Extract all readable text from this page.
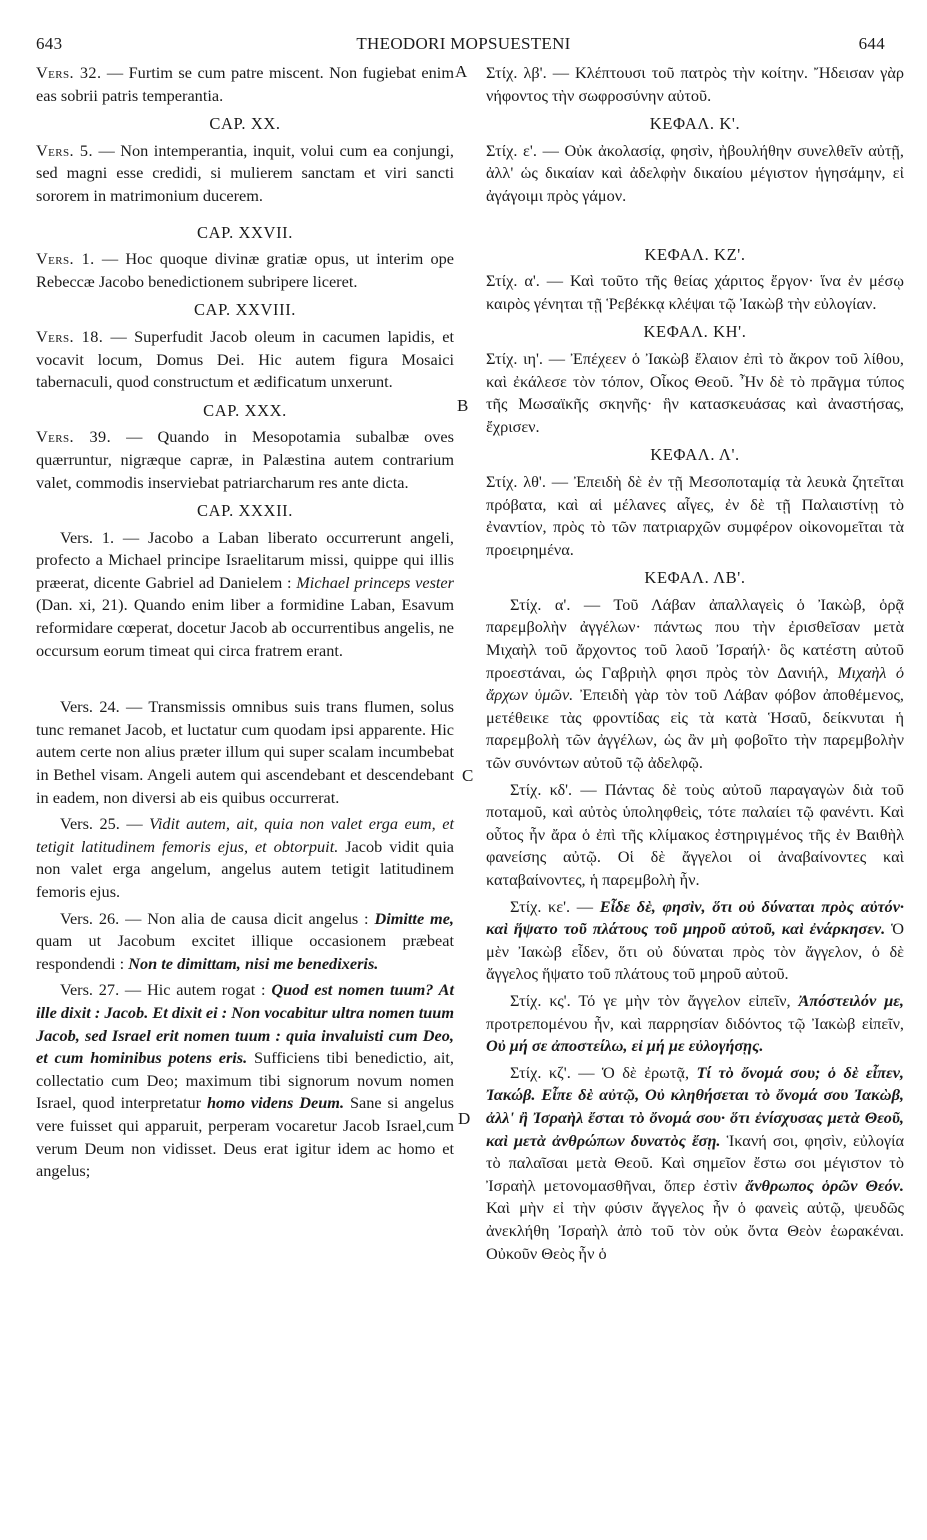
643	THEODORI MOPSUESTENI	644
A
B
C
D

Vers. 32. — Furtim se cum patre miscent. Non fugiebat enim eas sobrii patris temperantia.

CAP. XX.

Vers. 5. — Non intemperantia, inquit, volui cum ea conjungi, sed magni esse credidi, si mulierem sanctam et viri sancti sororem in matrimonium ducerem.

CAP. XXVII.

Vers. 1. — Hoc quoque divinæ gratiæ opus, ut interim ope Rebeccæ Jacobo benedictionem subripere liceret.

CAP. XXVIII.

Vers. 18. — Superfudit Jacob oleum in cacumen lapidis, et vocavit locum, Domus Dei. Hic autem figura Mosaici tabernaculi, quod constructum et ædificatum unxerunt.

CAP. XXX.

Vers. 39. — Quando in Mesopotamia subalbæ oves quærruntur, nigræque capræ, in Palæstina autem contrarium valet, commodis inserviebat patriarcharum res ante dicta.

CAP. XXXII.

Vers. 1. — Jacobo a Laban liberato occurrerunt angeli, profecto a Michael principe Israelitarum missi, quippe qui illis præerat, dicente Gabriel ad Danielem : Michael princeps vester (Dan. xi, 21). Quando enim liber a formidine Laban, Esavum reformidare cœperat, docetur Jacob ab occurrentibus angelis, ne occursum eorum timeat qui circa fratrem erant.

Vers. 24. — Transmissis omnibus suis trans flumen, solus tunc remanet Jacob, et luctatur cum quodam ipsi apparente. Hic autem certe non alius præter illum qui super scalam incumbebat in Bethel visam. Angeli autem qui ascendebant et descendebant in eadem, non diversi ab eis quibus occurrerat.

Vers. 25. — Vidit autem, ait, quia non valet erga eum, et tetigit latitudinem femoris ejus, et obtorpuit. Jacob vidit quia non valet erga angelum, angelus autem tetigit latitudinem femoris ejus.

Vers. 26. — Non alia de causa dicit angelus : Dimitte me, quam ut Jacobum excitet illique occasionem præbeat respondendi : Non te dimittam, nisi me benedixeris.

Vers. 27. — Hic autem rogat : Quod est nomen tuum? At ille dixit : Jacob. Et dixit ei : Non vocabitur ultra nomen tuum Jacob, sed Israel erit nomen tuum : quia invaluisti cum Deo, et cum hominibus potens eris. Sufficiens tibi benedictio, ait, collectatio cum Deo; maximum tibi signorum novum nomen Israel, quod interpretatur homo videns Deum. Sane si angelus vere fuisset qui apparuit, perperam vocaretur Jacob Israel,cum verum Deum non vidisset. Deus erat igitur idem ac homo et angelus;

Στίχ. λβ'. — Κλέπτουσι τοῦ πατρὸς τὴν κοίτην. Ἤδεισαν γὰρ νήφοντος τὴν σωφροσύνην αὐτοῦ.

ΚΕΦΑΛ. Κ'.

Στίχ. ε'. — Οὐκ ἀκολασίᾳ, φησὶν, ἠβουλήθην συνελθεῖν αὐτῇ, ἀλλ' ὡς δικαίαν καὶ ἀδελφὴν δικαίου μέγιστον ἡγησάμην, εἰ ἀγάγοιμι πρὸς γάμον.

ΚΕΦΑΛ. ΚΖ'.

Στίχ. α'. — Καὶ τοῦτο τῆς θείας χάριτος ἔργον· ἵνα ἐν μέσῳ καιρὸς γένηται τῇ Ῥεβέκκᾳ κλέψαι τῷ Ἰακὼβ τὴν εὐλογίαν.

ΚΕΦΑΛ. ΚΗ'.

Στίχ. ιη'. — Ἐπέχεεν ὁ Ἰακὼβ ἔλαιον ἐπὶ τὸ ἄκρον τοῦ λίθου, καὶ ἐκάλεσε τὸν τόπον, Οἶκος Θεοῦ. Ἦν δὲ τὸ πρᾶγμα τύπος τῆς Μωσαϊκῆς σκηνῆς· ἣν κατασκευάσας καὶ ἀναστήσας, ἔχρισεν.

ΚΕΦΑΛ. Λ'.

Στίχ. λθ'. — Ἐπειδὴ δὲ ἐν τῇ Μεσοποταμίᾳ τὰ λευκὰ ζητεῖται πρόβατα, καὶ αἱ μέλανες αἶγες, ἐν δὲ τῇ Παλαιστίνῃ τὸ ἐναντίον, πρὸς τὸ τῶν πατριαρχῶν συμφέρον οἰκονομεῖται τὰ προειρημένα.

ΚΕΦΑΛ. ΛΒ'.

Στίχ. α'. — Τοῦ Λάβαν ἀπαλλαγεὶς ὁ Ἰακὼβ, ὁρᾷ παρεμβολὴν ἀγγέλων· πάντως που τὴν ἐρισθεῖσαν μετὰ Μιχαὴλ τοῦ ἄρχοντος τοῦ λαοῦ Ἰσραήλ· ὃς κατέστη αὐτοῦ προεστάναι, ὡς Γαβριὴλ φησι πρὸς τὸν Δανιήλ, Μιχαὴλ ὁ ἄρχων ὑμῶν. Ἐπειδὴ γὰρ τὸν τοῦ Λάβαν φόβον ἀποθέμενος, μετέθεικε τὰς φροντίδας εἰς τὰ κατὰ Ἡσαῦ, δείκνυται ἡ παρεμβολὴ τῶν ἀγγέλων, ὡς ἂν μὴ φοβοῖτο τὴν παρεμβολὴν τῶν συνόντων αὐτοῦ τῷ ἀδελφῷ.

Στίχ. κδ'. — Πάντας δὲ τοὺς αὐτοῦ παραγαγὼν διὰ τοῦ ποταμοῦ, καὶ αὐτὸς ὑποληφθεὶς, τότε παλαίει τῷ φανέντι. Καὶ οὗτος ἦν ἄρα ὁ ἐπὶ τῆς κλίμακος ἐστηριγμένος τῆς ἐν Βαιθὴλ φανείσης αὐτῷ. Οἱ δὲ ἄγγελοι οἱ ἀναβαίνοντες καὶ καταβαίνοντες, ἡ παρεμβολὴ ἦν.

Στίχ. κε'. — Εἶδε δὲ, φησὶν, ὅτι οὐ δύναται πρὸς αὐτόν· καὶ ἥψατο τοῦ πλάτους τοῦ μηροῦ αὐτοῦ, καὶ ἐνάρκησεν. Ὁ μὲν Ἰακὼβ εἶδεν, ὅτι οὐ δύναται πρὸς τὸν ἄγγελον, ὁ δὲ ἄγγελος ἥψατο τοῦ πλάτους τοῦ μηροῦ αὐτοῦ.

Στίχ. κς'. Τό γε μὴν τὸν ἄγγελον εἰπεῖν, Ἀπόστειλόν με, προτρεπομένου ἦν, καὶ παρρησίαν διδόντος τῷ Ἰακὼβ εἰπεῖν, Οὐ μή σε ἀποστείλω, εἰ μή με εὐλογήσῃς.

Στίχ. κζ'. — Ὁ δὲ ἐρωτᾷ, Τί τὸ ὄνομά σου; ὁ δὲ εἶπεν, Ἰακώβ. Εἶπε δὲ αὐτῷ, Οὐ κληθήσεται τὸ ὄνομά σου Ἰακὼβ, ἀλλ' ἢ Ἰσραὴλ ἔσται τὸ ὄνομά σου· ὅτι ἐνίσχυσας μετὰ Θεοῦ, καὶ μετὰ ἀνθρώπων δυνατὸς ἔσῃ. Ἱκανή σοι, φησὶν, εὐλογία τὸ παλαῖσαι μετὰ Θεοῦ. Καὶ σημεῖον ἔστω σοι μέγιστον τὸ Ἰσραὴλ μετονομασθῆναι, ὅπερ ἐστὶν ἄνθρωπος ὁρῶν Θεόν. Καὶ μὴν εἰ τὴν φύσιν ἄγγελος ἦν ὁ φανεὶς αὐτῷ, ψευδῶς ἀνεκλήθη Ἰσραὴλ ἀπὸ τοῦ τὸν οὐκ ὄντα Θεὸν ἑωρακέναι. Οὐκοῦν Θεὸς ἦν ὁ
